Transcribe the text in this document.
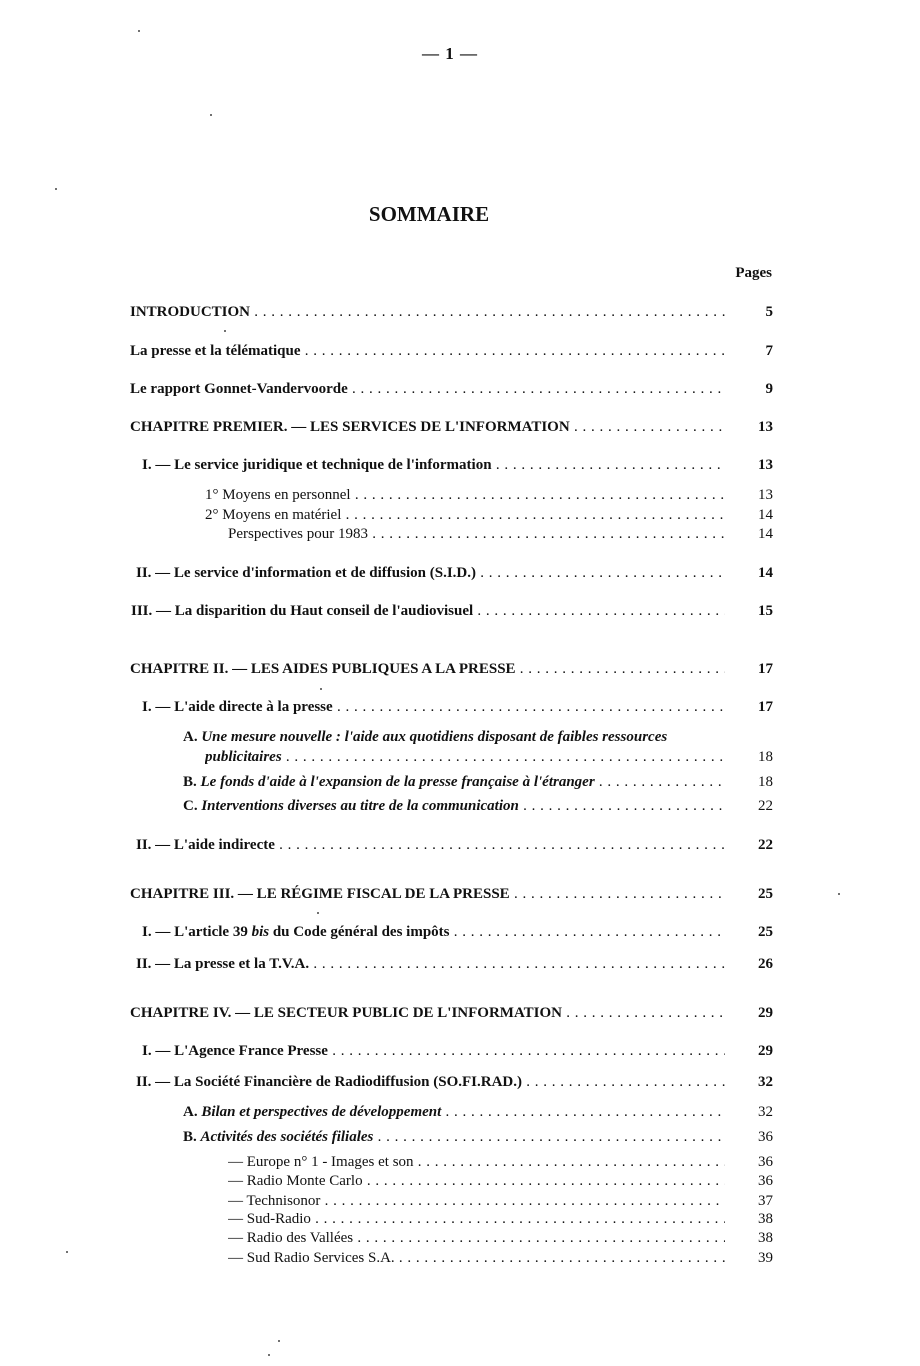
— 1 —
SOMMAIRE
Pages
INTRODUCTION . . .	5
La presse et la télématique . . .	7
Le rapport Gonnet-Vandervoorde . . .	9
CHAPITRE PREMIER. — LES SERVICES DE L'INFORMATION . . .	13
I. — Le service juridique et technique de l'information . . .	13
1° Moyens en personnel . . .	13
2° Moyens en matériel . . .	14
Perspectives pour 1983 . . .	14
II. — Le service d'information et de diffusion (S.I.D.) . . .	14
III. — La disparition du Haut conseil de l'audiovisuel . . .	15
CHAPITRE II. — LES AIDES PUBLIQUES A LA PRESSE . . .	17
I. — L'aide directe à la presse . . .	17
A. Une mesure nouvelle : l'aide aux quotidiens disposant de faibles ressources
publicitaires . . .	18
B. Le fonds d'aide à l'expansion de la presse française à l'étranger . . .	18
C. Interventions diverses au titre de la communication . . .	22
II. — L'aide indirecte . . .	22
CHAPITRE III. — LE RÉGIME FISCAL DE LA PRESSE . . .	25
I. — L'article 39 bis du Code général des impôts . . .	25
II. — La presse et la T.V.A. . . .	26
CHAPITRE IV. — LE SECTEUR PUBLIC DE L'INFORMATION . . .	29
I. — L'Agence France Presse . . .	29
II. — La Société Financière de Radiodiffusion (SO.FI.RAD.) . . .	32
A. Bilan et perspectives de développement . . .	32
B. Activités des sociétés filiales . . .	36
— Europe n° 1 - Images et son . . .	36
— Radio Monte Carlo . . .	36
— Technisonor . . .	37
— Sud-Radio . . .	38
— Radio des Vallées . . .	38
— Sud Radio Services S.A. . . .	39
